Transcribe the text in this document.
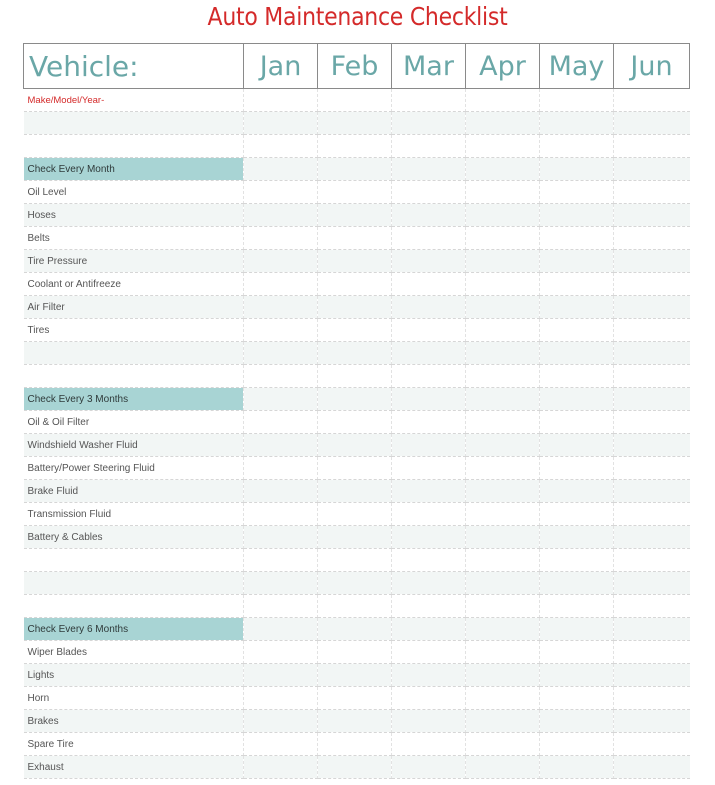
Auto Maintenance Checklist
Vehicle:	Jan	Feb	Mar	Apr	May	Jun
Make/Model/Year-						

Check Every Month						
Oil Level						
Hoses						
Belts						
Tire Pressure						
Coolant or Antifreeze						
Air Filter						
Tires						

Check Every 3 Months						
Oil & Oil Filter						
Windshield Washer Fluid						
Battery/Power Steering Fluid						
Brake Fluid						
Transmission Fluid						
Battery & Cables						

Check Every 6 Months						
Wiper Blades						
Lights						
Horn						
Brakes						
Spare Tire						
Exhaust						
